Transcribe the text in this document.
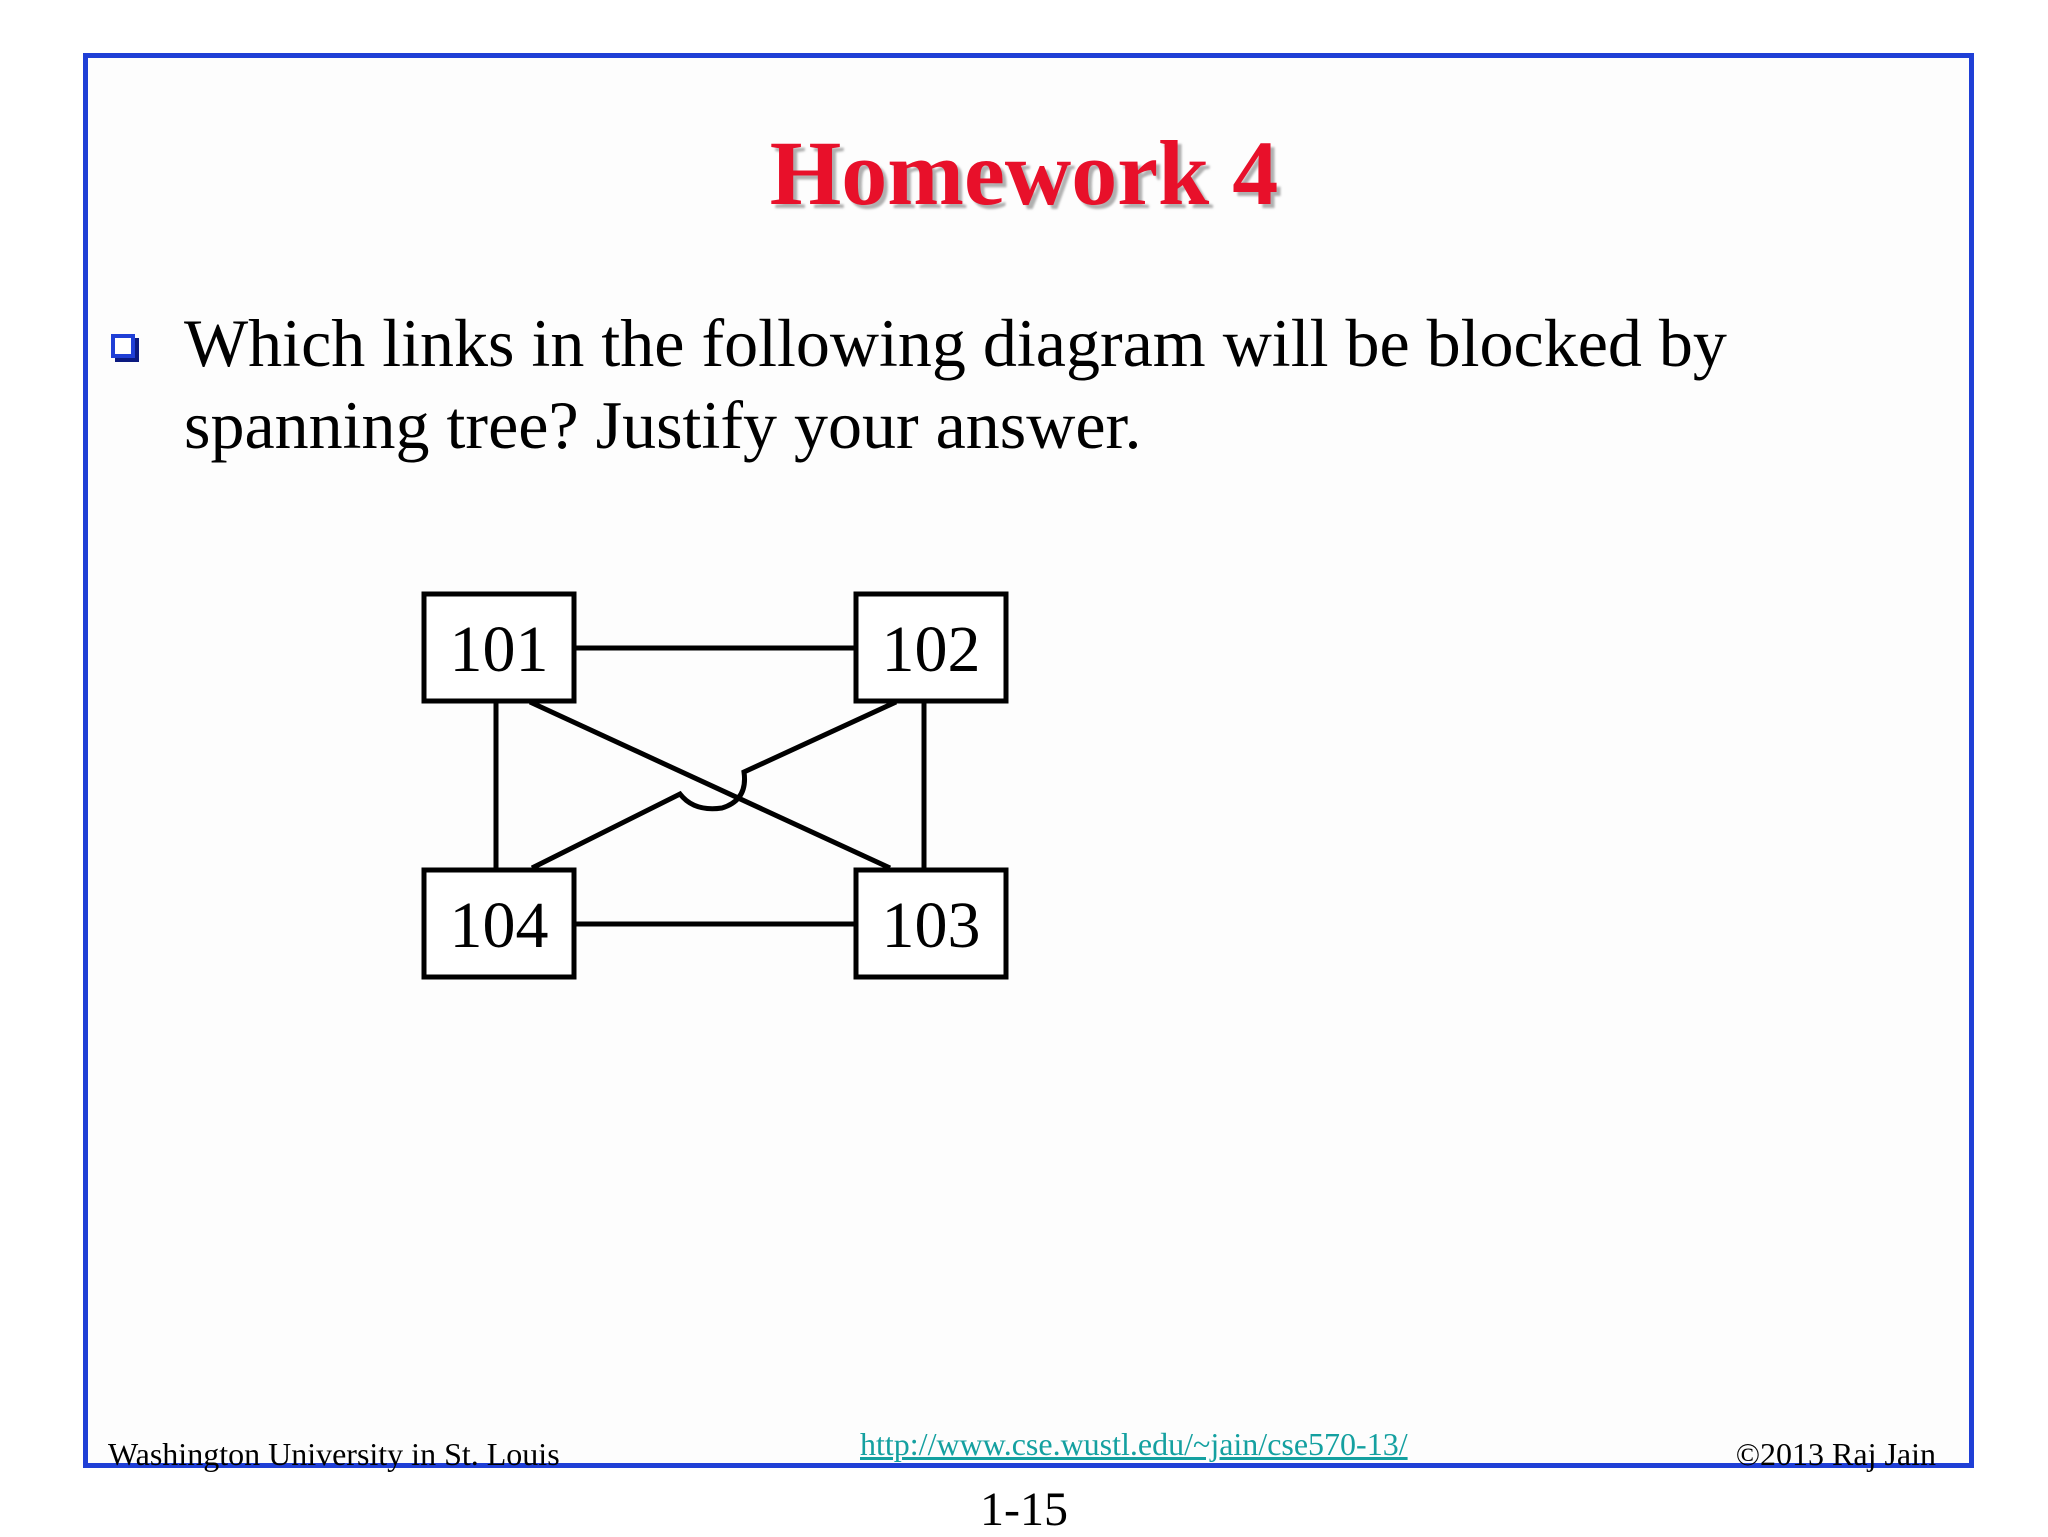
Homework 4

Which links in the following diagram will be blocked by spanning tree? Justify your answer.

101	102
104	103
Washington University in St. Louis	http://www.cse.wustl.edu/~jain/cse570-13/	©2013 Raj Jain
1-15
